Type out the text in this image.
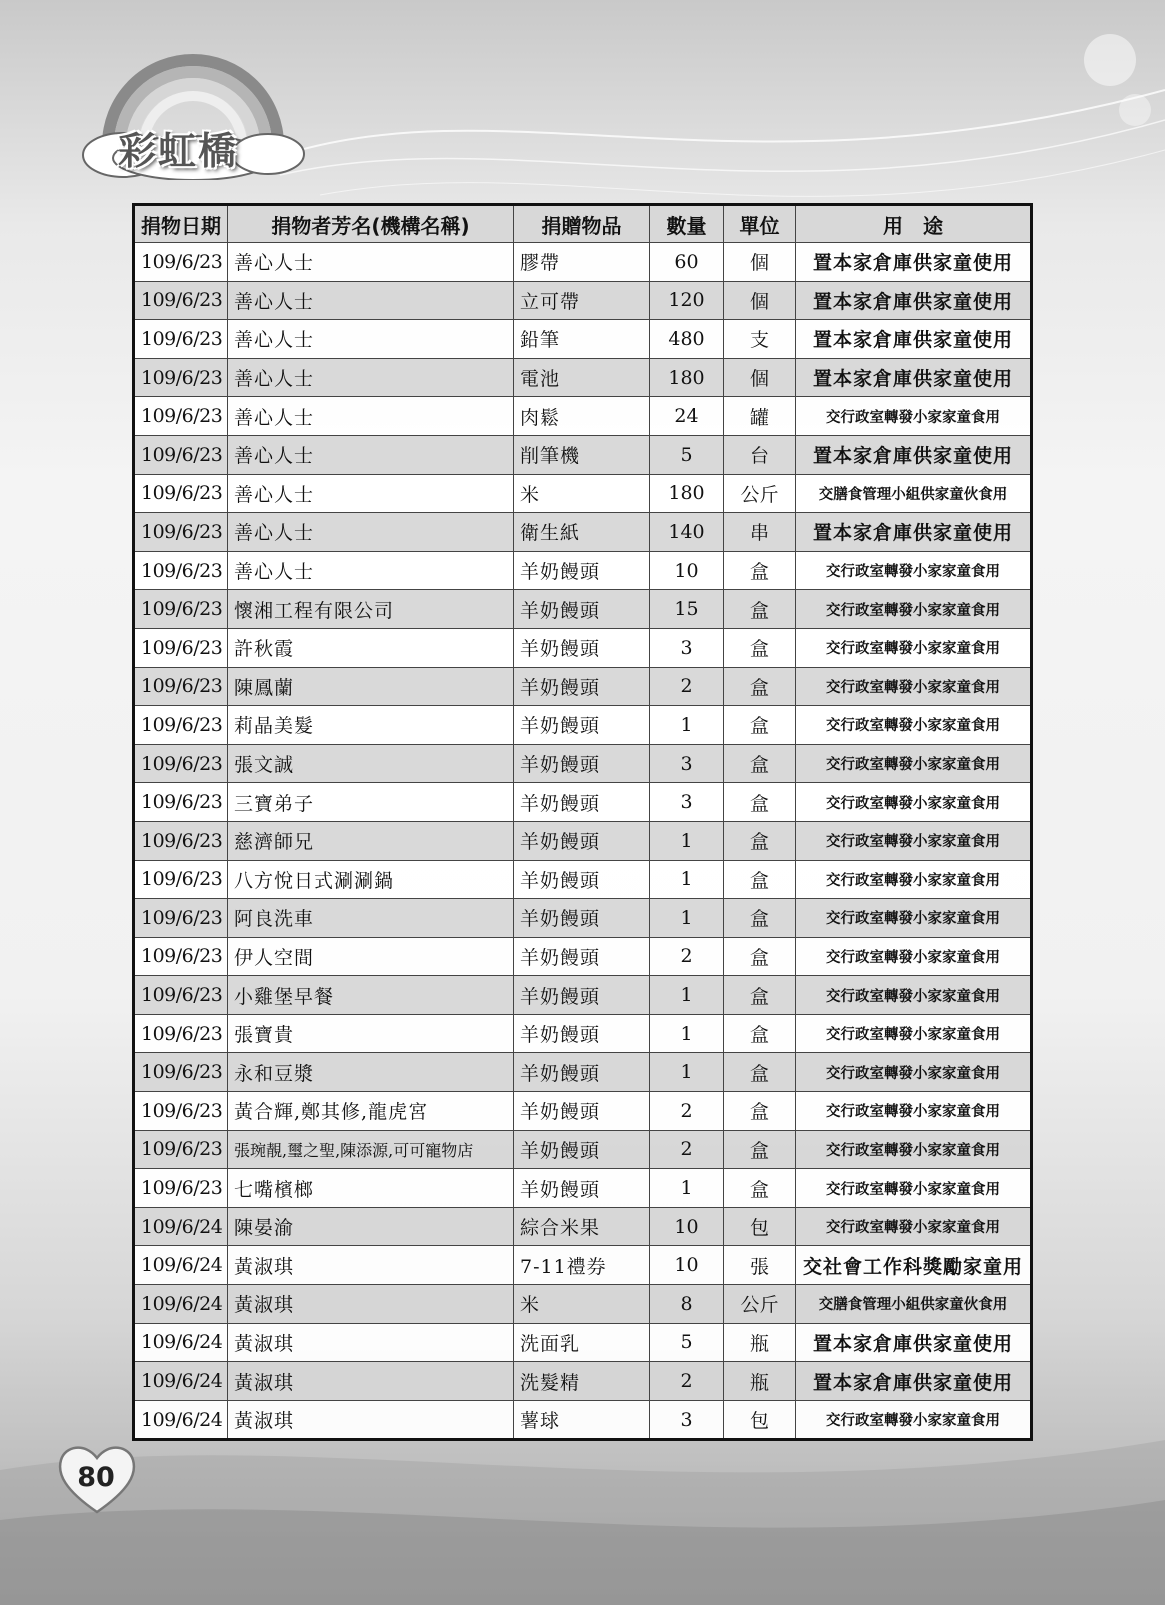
彩虹橋
捐物日期	捐物者芳名(機構名稱)	捐贈物品	數量	單位	用　途
109/6/23	善心人士	膠帶	60	個	置本家倉庫供家童使用
109/6/23	善心人士	立可帶	120	個	置本家倉庫供家童使用
109/6/23	善心人士	鉛筆	480	支	置本家倉庫供家童使用
109/6/23	善心人士	電池	180	個	置本家倉庫供家童使用
109/6/23	善心人士	肉鬆	24	罐	交行政室轉發小家家童食用
109/6/23	善心人士	削筆機	5	台	置本家倉庫供家童使用
109/6/23	善心人士	米	180	公斤	交膳食管理小組供家童伙食用
109/6/23	善心人士	衛生紙	140	串	置本家倉庫供家童使用
109/6/23	善心人士	羊奶饅頭	10	盒	交行政室轉發小家家童食用
109/6/23	懷湘工程有限公司	羊奶饅頭	15	盒	交行政室轉發小家家童食用
109/6/23	許秋霞	羊奶饅頭	3	盒	交行政室轉發小家家童食用
109/6/23	陳鳳蘭	羊奶饅頭	2	盒	交行政室轉發小家家童食用
109/6/23	莉晶美髮	羊奶饅頭	1	盒	交行政室轉發小家家童食用
109/6/23	張文誠	羊奶饅頭	3	盒	交行政室轉發小家家童食用
109/6/23	三寶弟子	羊奶饅頭	3	盒	交行政室轉發小家家童食用
109/6/23	慈濟師兄	羊奶饅頭	1	盒	交行政室轉發小家家童食用
109/6/23	八方悅日式涮涮鍋	羊奶饅頭	1	盒	交行政室轉發小家家童食用
109/6/23	阿良洗車	羊奶饅頭	1	盒	交行政室轉發小家家童食用
109/6/23	伊人空間	羊奶饅頭	2	盒	交行政室轉發小家家童食用
109/6/23	小雞堡早餐	羊奶饅頭	1	盒	交行政室轉發小家家童食用
109/6/23	張寶貴	羊奶饅頭	1	盒	交行政室轉發小家家童食用
109/6/23	永和豆漿	羊奶饅頭	1	盒	交行政室轉發小家家童食用
109/6/23	黃合輝,鄭其修,龍虎宮	羊奶饅頭	2	盒	交行政室轉發小家家童食用
109/6/23	張琬靚,璽之聖,陳添源,可可寵物店	羊奶饅頭	2	盒	交行政室轉發小家家童食用
109/6/23	七嘴檳榔	羊奶饅頭	1	盒	交行政室轉發小家家童食用
109/6/24	陳晏渝	綜合米果	10	包	交行政室轉發小家家童食用
109/6/24	黃淑琪	7-11禮券	10	張	交社會工作科獎勵家童用
109/6/24	黃淑琪	米	8	公斤	交膳食管理小組供家童伙食用
109/6/24	黃淑琪	洗面乳	5	瓶	置本家倉庫供家童使用
109/6/24	黃淑琪	洗髮精	2	瓶	置本家倉庫供家童使用
109/6/24	黃淑琪	薯球	3	包	交行政室轉發小家家童食用
80
